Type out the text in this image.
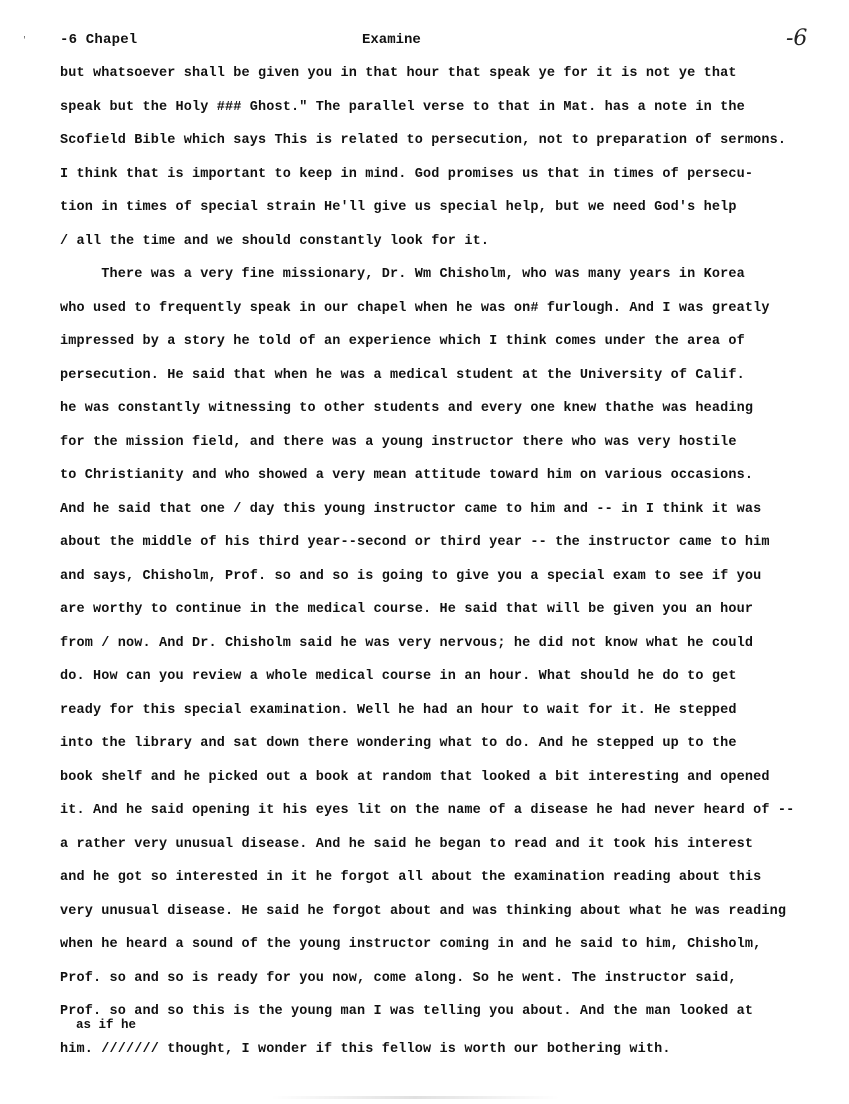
' -6 Chapel	Examine	-6
but whatsoever shall be given you in that hour that speak ye for it is not ye that
speak but the Holy ### Ghost." The parallel verse to that in Mat. has a note in the
Scofield Bible which says This is related to persecution, not to preparation of sermons.
I think that is important to keep in mind. God promises us that in times of persecu-
tion in times of special strain He'll give us special help, but we need God's help
/ all the time and we should constantly look for it.
There was a very fine missionary, Dr. Wm Chisholm, who was many years in Korea
who used to frequently speak in our chapel when he was on# furlough. And I was greatly
impressed by a story he told of an experience which I think comes under the area of
persecution. He said that when he was a medical student at the University of Calif.
he was constantly witnessing to other students and every one knew thathe was heading
for the mission field, and there was a young instructor there who was very hostile
to Christianity and who showed a very mean attitude toward him on various occasions.
And he said that one / day this young instructor came to him and -- in I think it was
about the middle of his third year--second or third year -- the instructor came to him
and says, Chisholm, Prof. so and so is going to give you a special exam to see if you
are worthy to continue in the medical course. He said that will be given you an hour
from / now. And Dr. Chisholm said he was very nervous; he did not know what he could
do. How can you review a whole medical course in an hour. What should he do to get
ready for this special examination. Well he had an hour to wait for it. He stepped
into the library and sat down there wondering what to do. And he stepped up to the
book shelf and he picked out a book at random that looked a bit interesting and opened
it. And he said opening it his eyes lit on the name of a disease he had never heard of --
a rather very unusual disease. And he said he began to read and it took his interest
and he got so interested in it he forgot all about the examination reading about this
very unusual disease. He said he forgot about and was thinking about what he was reading
when he heard a sound of the young instructor coming in and he said to him, Chisholm,
Prof. so and so is ready for you now, come along. So he went. The instructor said,
Prof. so and so this is the young man I was telling you about. And the man looked at
him. /////// thought, I wonder if this fellow is worth our bothering with.
as if he
